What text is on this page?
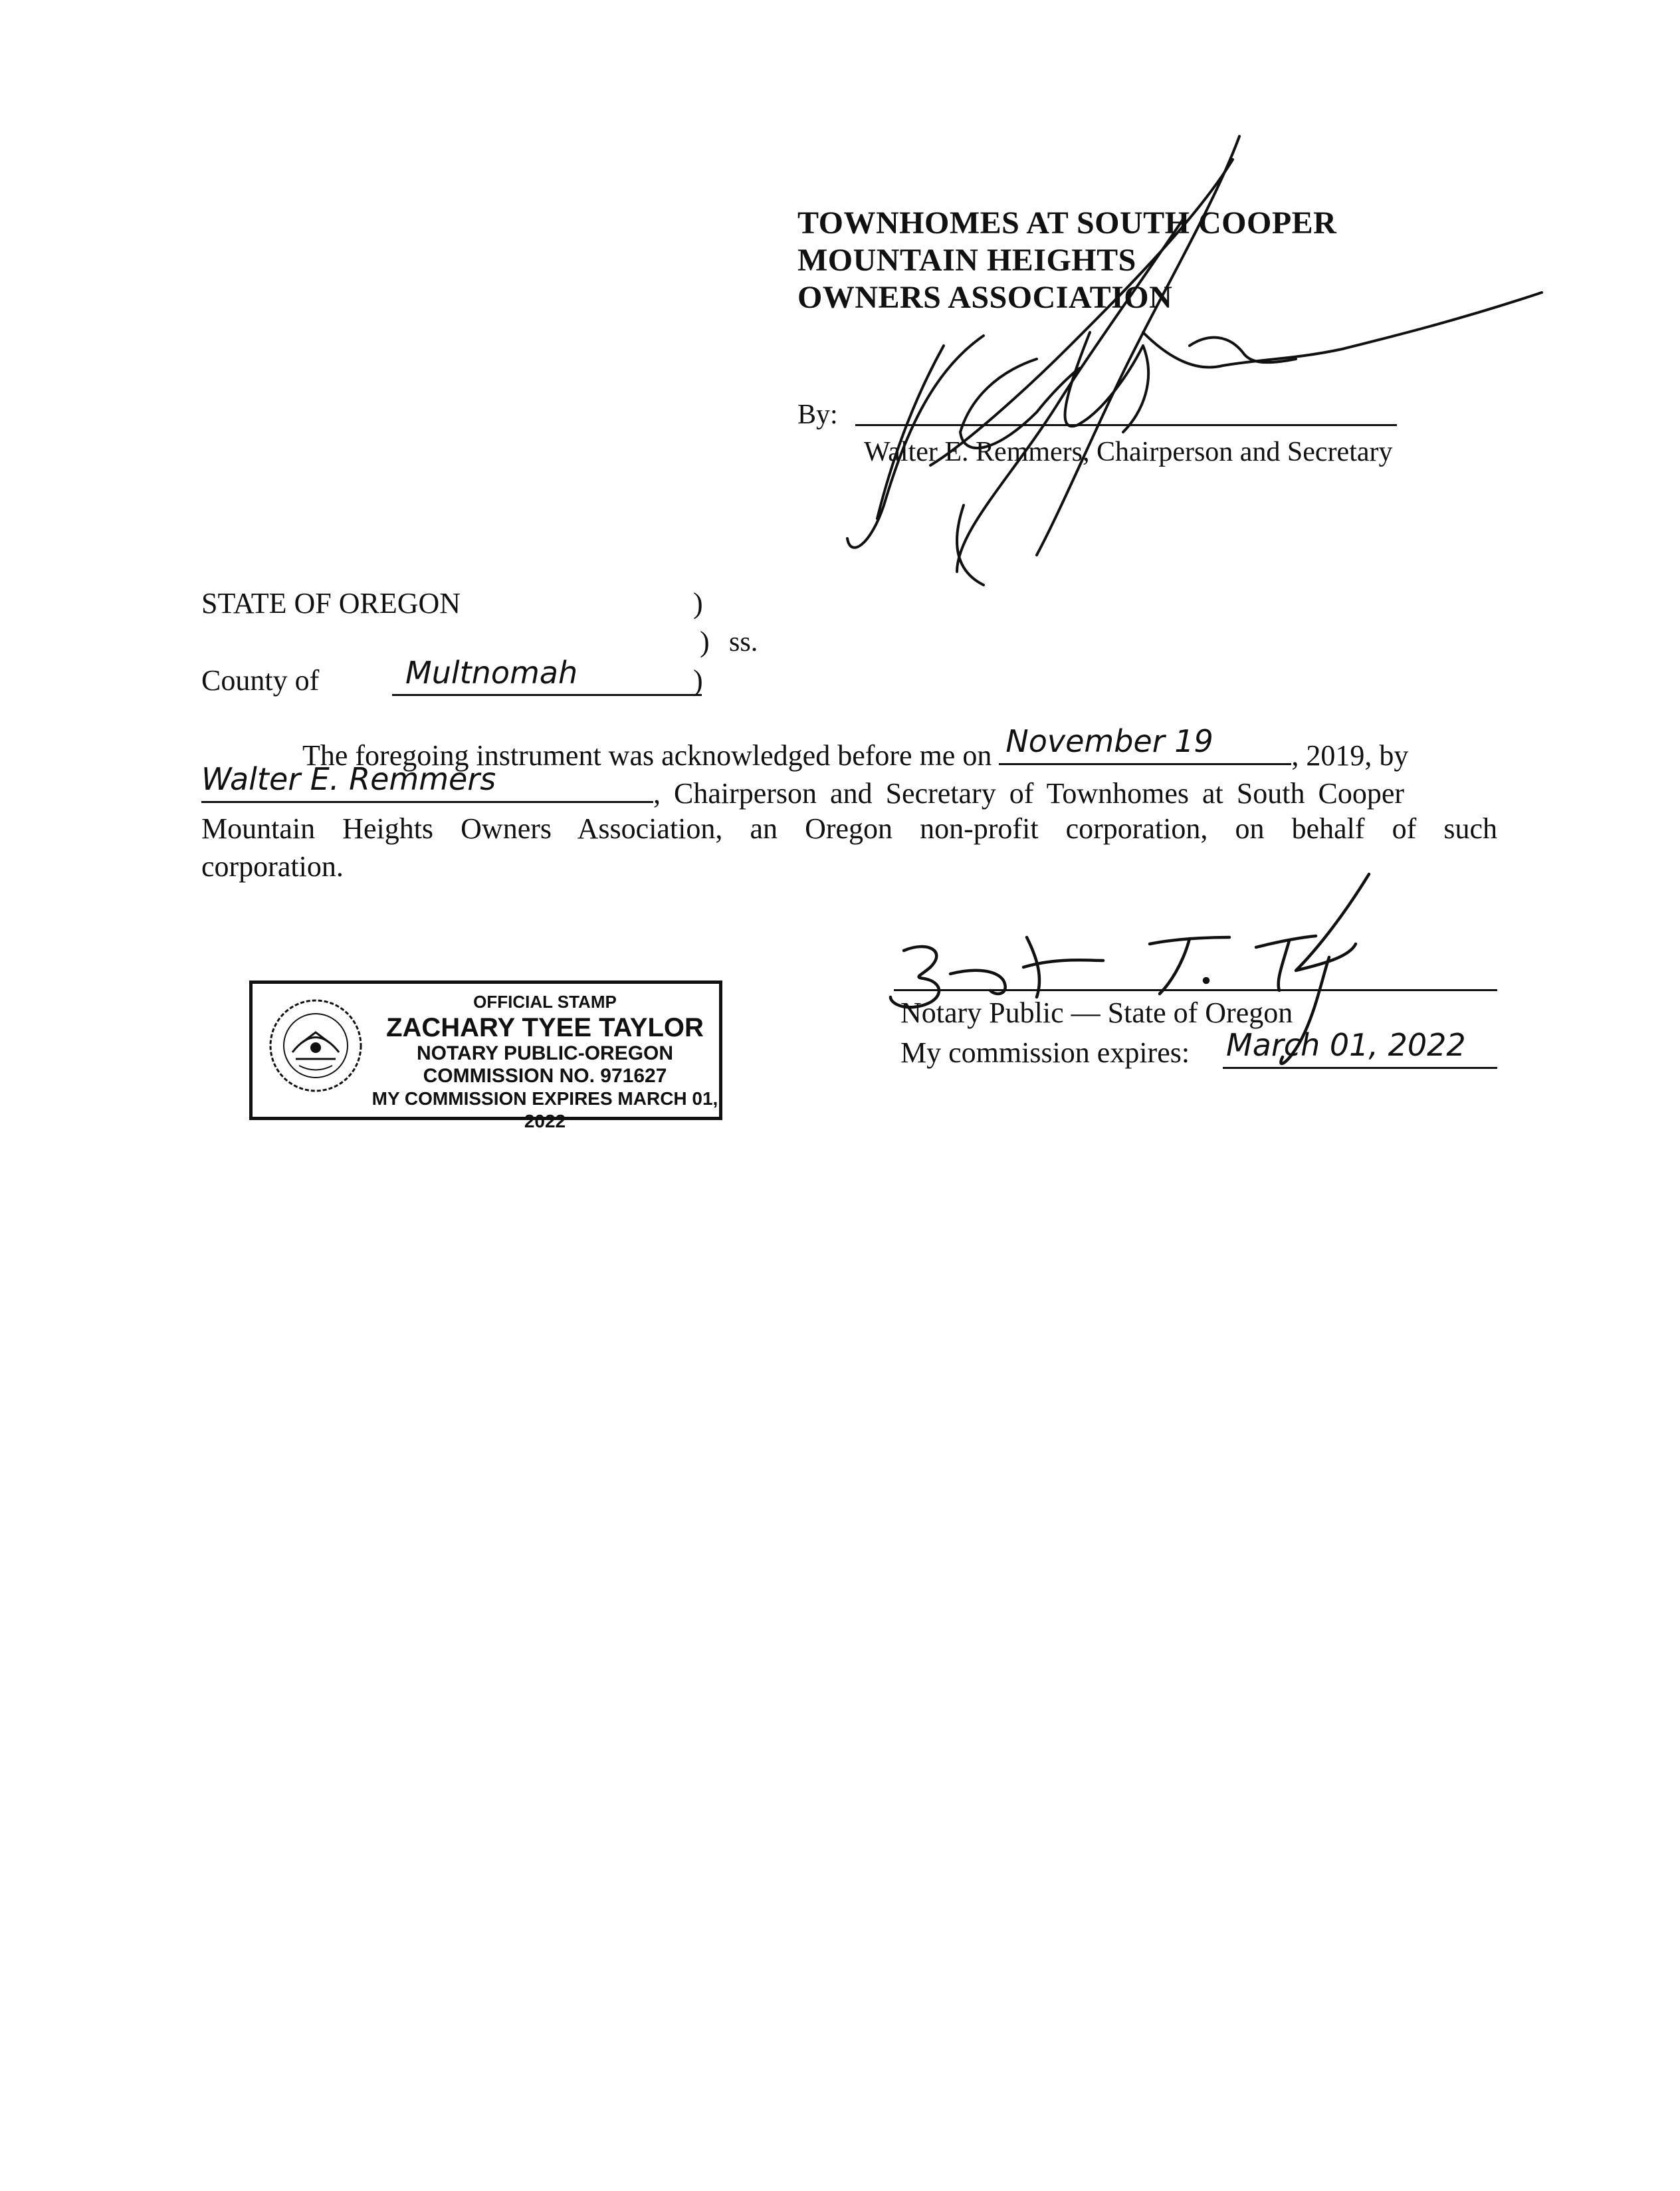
TOWNHOMES AT SOUTH COOPER
MOUNTAIN HEIGHTS
OWNERS ASSOCIATION
By:
Walter E. Remmers, Chairperson and Secretary
STATE OF OREGON	)
) ss.
County of	Multnomah	)
The foregoing instrument was acknowledged before me on November 19	, 2019, by
Walter E. Remmers	, Chairperson and Secretary of Townhomes at South Cooper
Mountain Heights Owners Association, an Oregon non-profit corporation, on behalf of such
corporation.
Notary Public — State of Oregon
My commission expires: March 01, 2022
OFFICIAL STAMP
ZACHARY TYEE TAYLOR
NOTARY PUBLIC-OREGON
COMMISSION NO. 971627
MY COMMISSION EXPIRES MARCH 01, 2022
